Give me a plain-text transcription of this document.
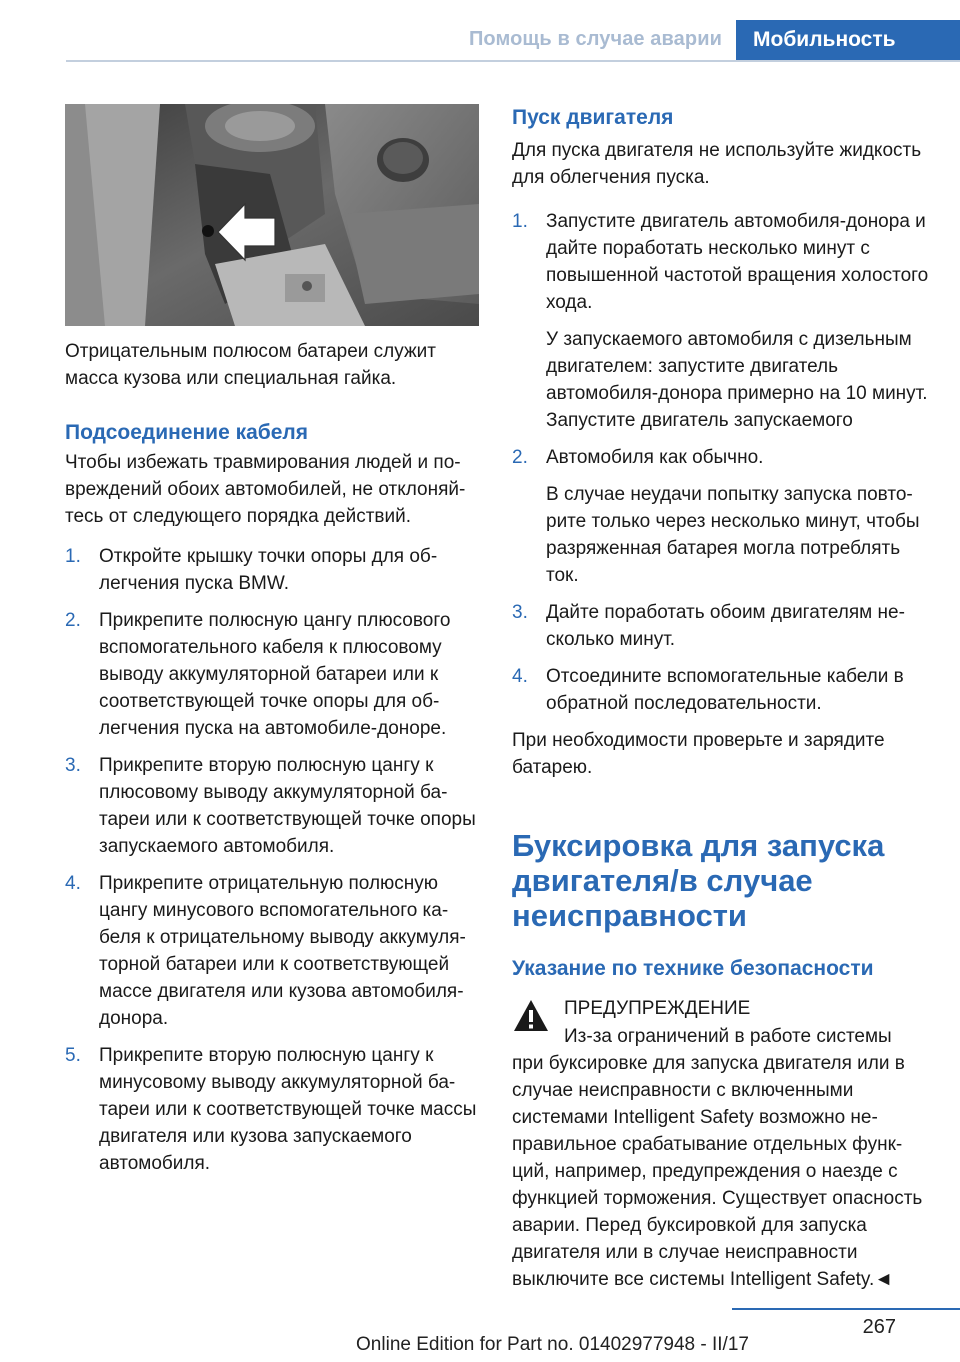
Помощь в случае аварии	Мобильность

Отрицательным полюсом батареи служит масса кузова или специальная гайка.

Подсоединение кабеля

Чтобы избежать травмирования людей и повреждений обоих автомобилей, не отклоняйтесь от следующего порядка действий.

1. Откройте крышку точки опоры для облегчения пуска BMW.
2. Прикрепите полюсную цангу плюсового вспомогательного кабеля к плюсовому выводу аккумуляторной батареи или к соответствующей точке опоры для облегчения пуска на автомобиле-доноре.
3. Прикрепите вторую полюсную цангу к плюсовому выводу аккумуляторной батареи или к соответствующей точке опоры запускаемого автомобиля.
4. Прикрепите отрицательную полюсную цангу минусового вспомогательного кабеля к отрицательному выводу аккумуляторной батареи или к соответствующей массе двигателя или кузова автомобиля-донора.
5. Прикрепите вторую полюсную цангу к минусовому выводу аккумуляторной батареи или к соответствующей точке массы двигателя или кузова запускаемого автомобиля.
Пуск двигателя

Для пуска двигателя не используйте жидкость для облегчения пуска.

1. Запустите двигатель автомобиля-донора и дайте поработать несколько минут с повышенной частотой вращения холостого хода.

У запускаемого автомобиля с дизельным двигателем: запустите двигатель автомобиля-донора примерно на 10 минут. Запустите двигатель запускаемого

2. Автомобиля как обычно.

В случае неудачи попытку запуска повторите только через несколько минут, чтобы разряженная батарея могла потреблять ток.

3. Дайте поработать обоим двигателям несколько минут.

4. Отсоедините вспомогательные кабели в обратной последовательности.

При необходимости проверьте и зарядите батарею.

Буксировка для запуска двигателя/в случае неисправности
Указание по технике безопасности
ПРЕДУПРЕЖДЕНИЕ
Из-за ограничений в работе системы
при буксировке для запуска двигателя или в случае неисправности с включенными системами Intelligent Safety возможно неправильное срабатывание отдельных функций, например, предупреждения о наезде с функцией торможения. Существует опасность аварии. Перед буксировкой для запуска двигателя или в случае неисправности выключите все системы Intelligent Safety.◄
267
Online Edition for Part no. 01402977948 - II/17
